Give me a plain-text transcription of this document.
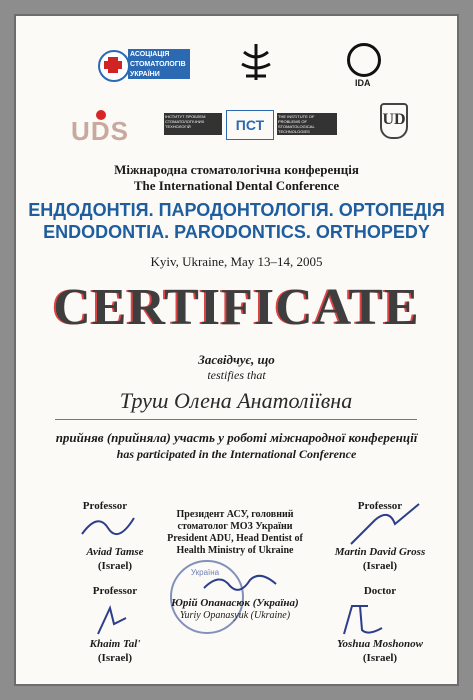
АСОЦІАЦІЯ СТОМАТОЛОГІВ УКРАЇНИ
IDA
UDS	ІНСТИТУТ ПРОБЛЕМ СТОМАТОЛОГІЧНИХ ТЕХНОЛОГІЙ	ПСТ
THE INSTITUTE OF PROBLEMS OF STOMATOLOGICAL TECHNOLOGIES
UD
Міжнародна стоматологічна конференція
The International Dental Conference
ЕНДОДОНТІЯ. ПАРОДОНТОЛОГІЯ. ОРТОПЕДІЯ
ENDODONTIA. PARODONTICS. ORTHOPEDY
Kyiv, Ukraine, May 13–14, 2005
CERTIFICATE
Засвідчує, що
testifies that
Труш Олена Анатоліївна
прийняв (прийняла) участь у роботі міжнародної конференції
has participated in the International Conference
Professor
Aviad Tamse
(Israel)
Professor
Khaim Tal'
(Israel)
Президент АСУ, головний
стоматолог МОЗ України
President ADU, Head Dentist of
Health Ministry of Ukraine
Україна
Юрій Опанасюк (Україна)
Yuriy Opanasyuk (Ukraine)
Professor
Martin David Gross
(Israel)
Doctor
Yoshua Moshonow
(Israel)
